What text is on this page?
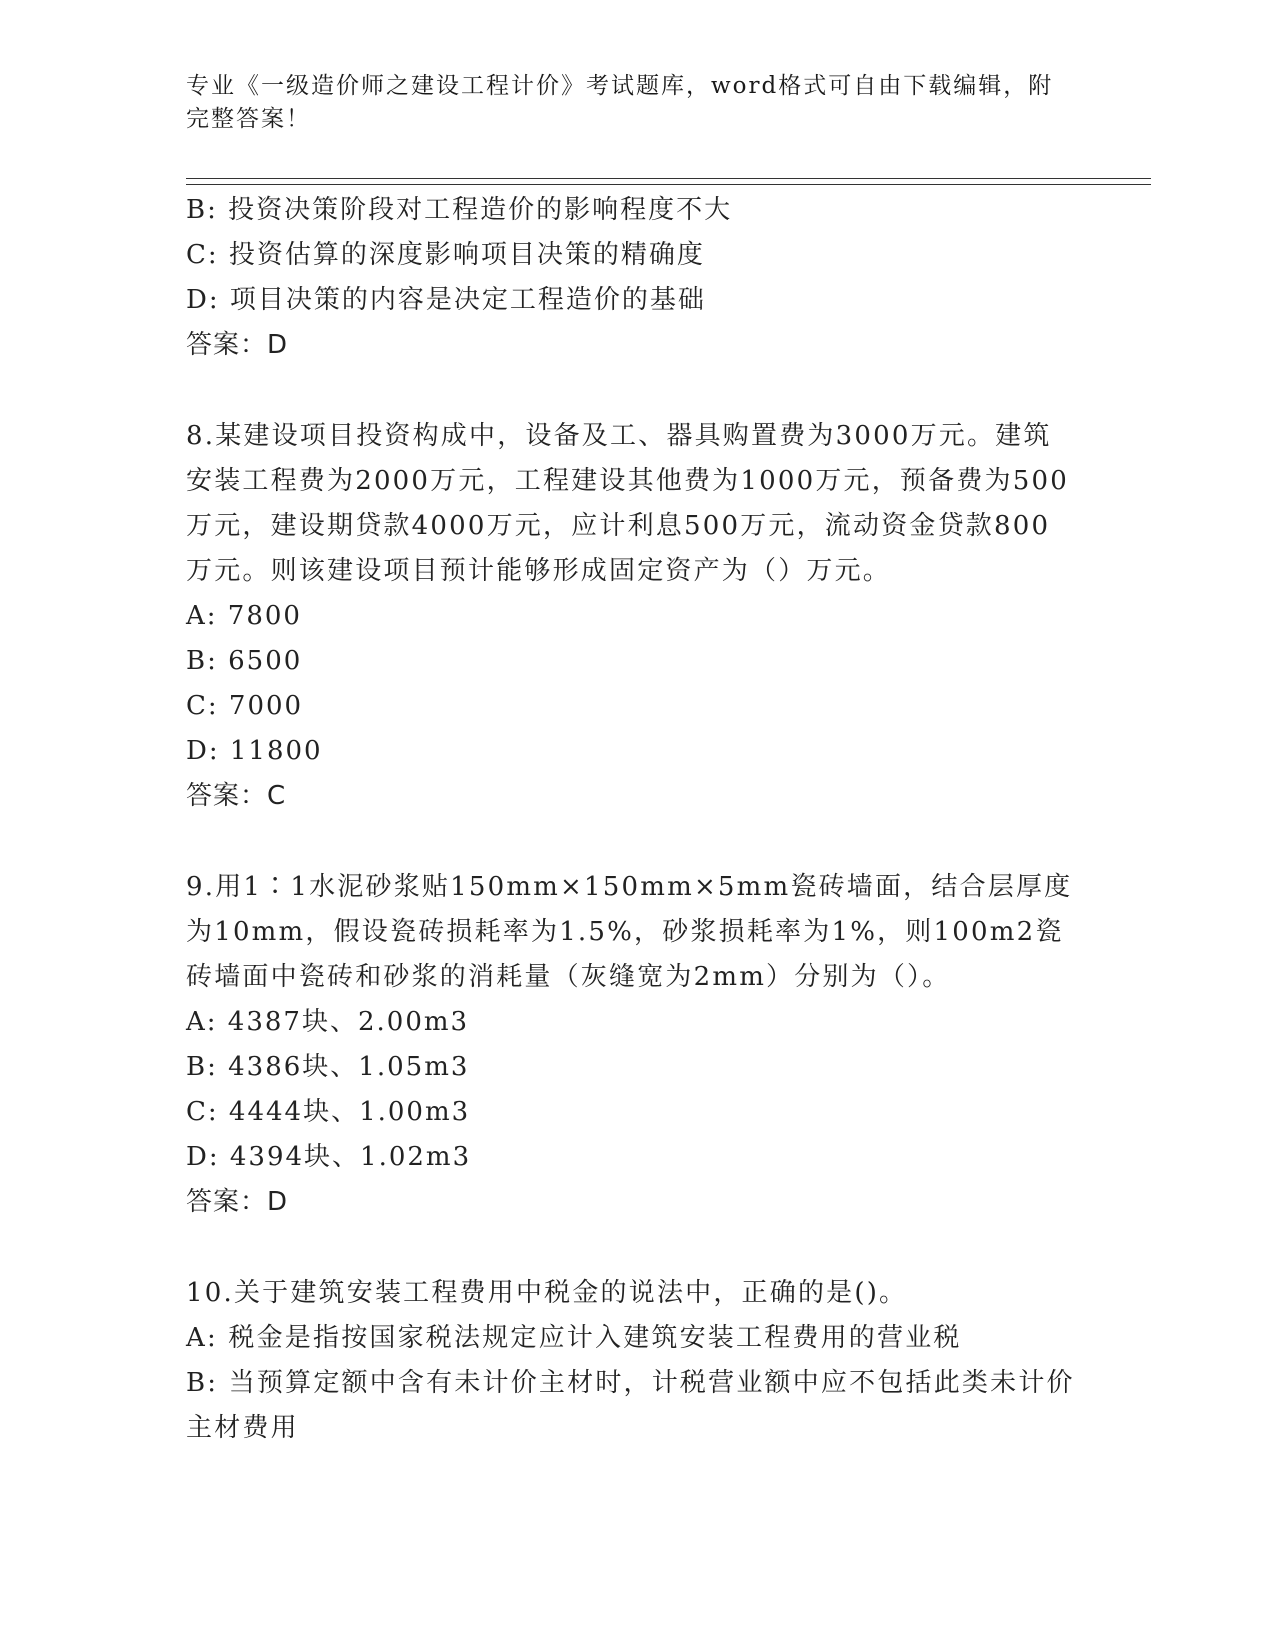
专业《一级造价师之建设工程计价》考试题库，word格式可自由下载编辑，附完整答案！
B: 投资决策阶段对工程造价的影响程度不大
C: 投资估算的深度影响项目决策的精确度
D: 项目决策的内容是决定工程造价的基础
答案：D
8.某建设项目投资构成中，设备及工、器具购置费为3000万元。建筑安装工程费为2000万元，工程建设其他费为1000万元，预备费为500万元，建设期贷款4000万元，应计利息500万元，流动资金贷款800万元。则该建设项目预计能够形成固定资产为（）万元。
A: 7800
B: 6500
C: 7000
D: 11800
答案：C
9.用1∶1水泥砂浆贴150mm×150mm×5mm瓷砖墙面，结合层厚度为10mm，假设瓷砖损耗率为1.5%，砂浆损耗率为1%，则100m2瓷砖墙面中瓷砖和砂浆的消耗量（灰缝宽为2mm）分别为（）。
A: 4387块、2.00m3
B: 4386块、1.05m3
C: 4444块、1.00m3
D: 4394块、1.02m3
答案：D
10.关于建筑安装工程费用中税金的说法中，正确的是()。
A: 税金是指按国家税法规定应计入建筑安装工程费用的营业税
B: 当预算定额中含有未计价主材时，计税营业额中应不包括此类未计价主材费用
